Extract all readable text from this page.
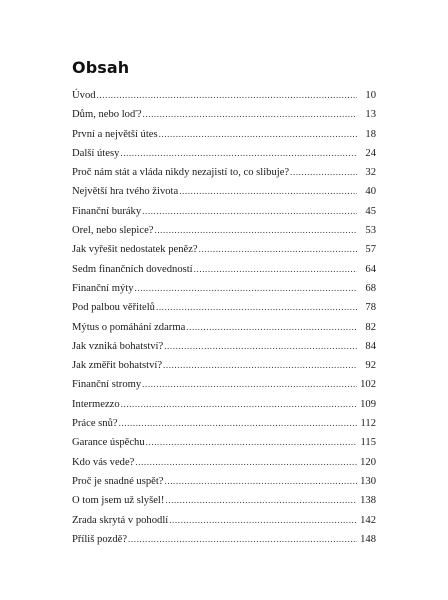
Obsah
Úvod .....	10
Dům, nebo loď? .....	13
První a největší útes .....	18
Další útesy .....	24
Proč nám stát a vláda nikdy nezajistí to, co slibuje? .....	32
Největší hra tvého života .....	40
Finanční buráky .....	45
Orel, nebo slepice? .....	53
Jak vyřešit nedostatek peněz? .....	57
Sedm finančních dovedností .....	64
Finanční mýty .....	68
Pod palbou věřitelů .....	78
Mýtus o pomáhání zdarma .....	82
Jak vzniká bohatství? .....	84
Jak změřit bohatství? .....	92
Finanční stromy .....	102
Intermezzo .....	109
Práce snů? .....	112
Garance úspěchu .....	115
Kdo vás vede? .....	120
Proč je snadné uspět? .....	130
O tom jsem už slyšel! .....	138
Zrada skrytá v pohodlí .....	142
Příliš pozdě? .....	148
